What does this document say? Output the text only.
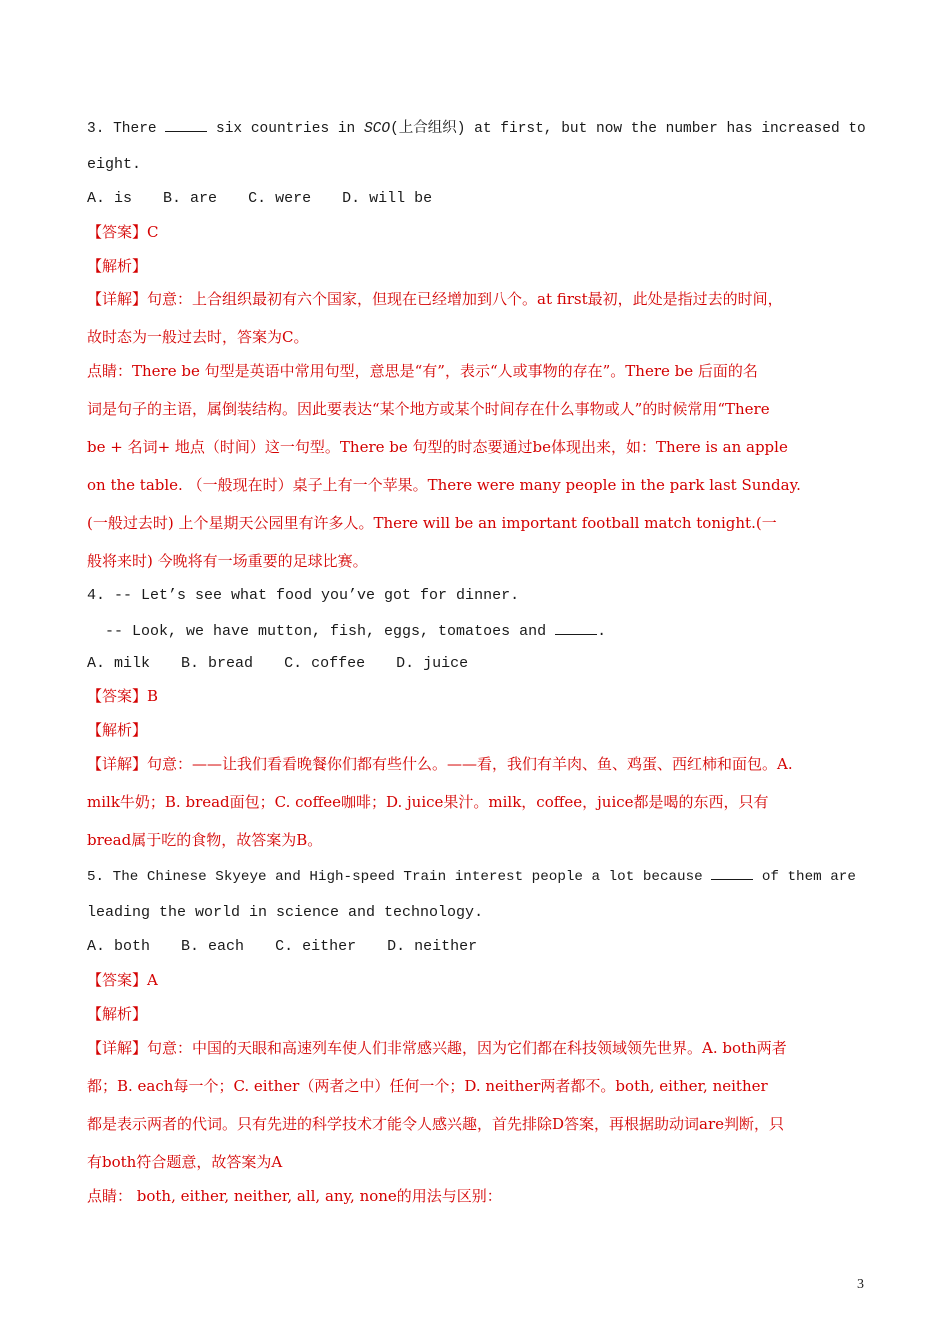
3. There	six countries in SCO(上合组织) at first, but now the number has increased to
eight.
A. is B. are C. were D. will be
【答案】C
【解析】
【详解】句意：上合组织最初有六个国家，但现在已经增加到八个。at first最初，此处是指过去的时间，
故时态为一般过去时，答案为C。
点睛：There be 句型是英语中常用句型，意思是“有”，表示“人或事物的存在”。There be 后面的名
词是句子的主语，属倒装结构。因此要表达“某个地方或某个时间存在什么事物或人”的时候常用“There
be + 名词+ 地点（时间）这一句型。There be 句型的时态要通过be体现出来，如：There is an apple
on the table. （一般现在时）桌子上有一个苹果。There were many people in the park last Sunday.
(一般过去时) 上个星期天公园里有许多人。There will be an important football match tonight.(一
般将来时) 今晚将有一场重要的足球比赛。
4. -- Let’s see what food you’ve got for dinner.
-- Look, we have mutton, fish, eggs, tomatoes and	.
A. milk B. bread C. coffee D. juice
【答案】B
【解析】
【详解】句意：——让我们看看晚餐你们都有些什么。——看，我们有羊肉、鱼、鸡蛋、西红柿和面包。A.
milk牛奶；B. bread面包；C. coffee咖啡；D. juice果汁。milk，coffee，juice都是喝的东西，只有
bread属于吃的食物，故答案为B。
5. The Chinese Skyeye and High-speed Train interest people a lot because	of them are
leading the world in science and technology.
A. both B. each C. either D. neither
【答案】A
【解析】
【详解】句意：中国的天眼和高速列车使人们非常感兴趣，因为它们都在科技领域领先世界。A. both两者
都；B. each每一个；C. either（两者之中）任何一个；D. neither两者都不。both, either, neither
都是表示两者的代词。只有先进的科学技术才能令人感兴趣，首先排除D答案，再根据助动词are判断，只
有both符合题意，故答案为A
点睛： both, either, neither, all, any, none的用法与区别：
3
